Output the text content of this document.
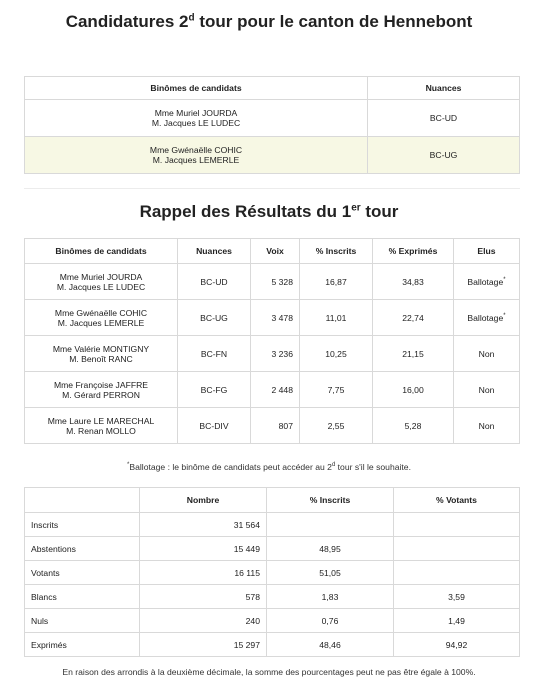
Candidatures 2$^d$ tour pour le canton de Hennebont
Binômes de candidats	Nuances

Mme Muriel JOURDA
M. Jacques LE LUDEC	BC-UD

Mme Gwénaëlle COHIC
M. Jacques LEMERLE	BC-UG
Rappel des Résultats du 1er tour
Binômes de candidats	Nuances	Voix	% Inscrits	% Exprimés	Elus

Mme Muriel JOURDA
M. Jacques LE LUDEC	BC-UD	5 328	16,87	34,83	Ballotage*

Mme Gwénaëlle COHIC
M. Jacques LEMERLE	BC-UG	3 478	11,01	22,74	Ballotage*

Mme Valérie MONTIGNY
M. Benoît RANC	BC-FN	3 236	10,25	21,15	Non

Mme Françoise JAFFRE
M. Gérard PERRON	BC-FG	2 448	7,75	16,00	Non

Mme Laure LE MARECHAL
M. Renan MOLLO	BC-DIV	807	2,55	5,28	Non
*Ballotage : le binôme de candidats peut accéder au 2$^d$ tour s'il le souhaite.
	Nombre	% Inscrits	% Votants
Inscrits	31 564		
Abstentions	15 449	48,95	
Votants	16 115	51,05	
Blancs	578	1,83	3,59
Nuls	240	0,76	1,49
Exprimés	15 297	48,46	94,92
En raison des arrondis à la deuxième décimale, la somme des pourcentages peut ne pas être égale à 100%.
